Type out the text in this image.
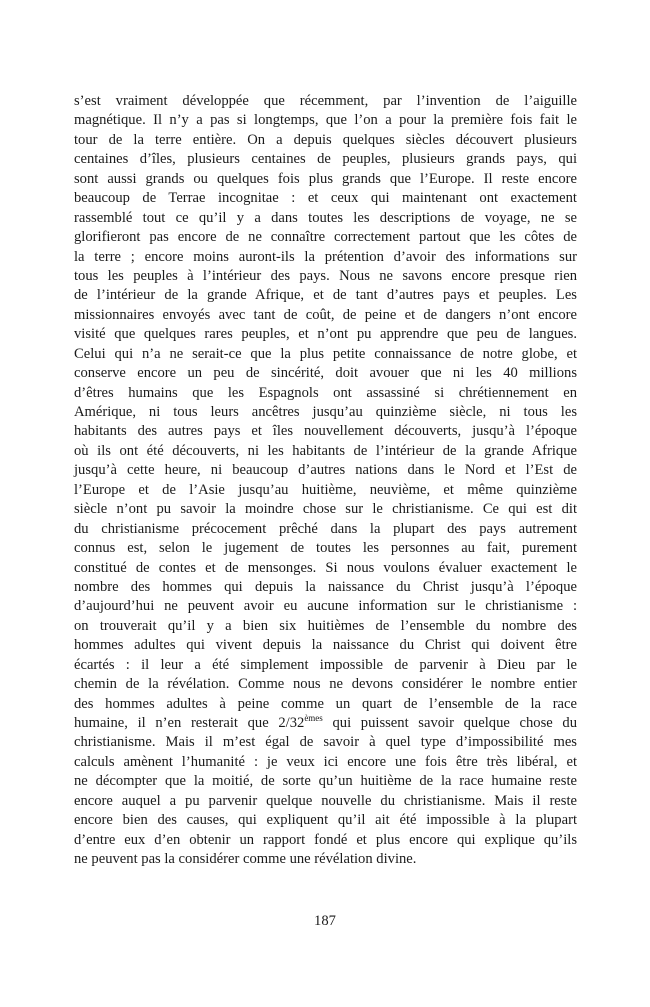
s’est vraiment développée que récemment, par l’invention de l’aiguille
magnétique. Il n’y a pas si longtemps, que l’on a pour la première fois fait le
tour de la terre entière. On a depuis quelques siècles découvert plusieurs
centaines d’îles, plusieurs centaines de peuples, plusieurs grands pays, qui
sont aussi grands ou quelques fois plus grands que l’Europe. Il reste encore
beaucoup de Terrae incognitae : et ceux qui maintenant ont exactement
rassemblé tout ce qu’il y a dans toutes les descriptions de voyage, ne se
glorifieront pas encore de ne connaître correctement partout que les côtes de
la terre ; encore moins auront-ils la prétention d’avoir des informations sur
tous les peuples à l’intérieur des pays. Nous ne savons encore presque rien
de l’intérieur de la grande Afrique, et de tant d’autres pays et peuples. Les
missionnaires envoyés avec tant de coût, de peine et de dangers n’ont encore
visité que quelques rares peuples, et n’ont pu apprendre que peu de langues.
Celui qui n’a ne serait-ce que la plus petite connaissance de notre globe, et
conserve encore un peu de sincérité, doit avouer que ni les 40 millions
d’êtres humains que les Espagnols ont assassiné si chrétiennement en
Amérique, ni tous leurs ancêtres jusqu’au quinzième siècle, ni tous les
habitants des autres pays et îles nouvellement découverts, jusqu’à l’époque
où ils ont été découverts, ni les habitants de l’intérieur de la grande Afrique
jusqu’à cette heure, ni beaucoup d’autres nations dans le Nord et l’Est de
l’Europe et de l’Asie jusqu’au huitième, neuvième, et même quinzième
siècle n’ont pu savoir la moindre chose sur le christianisme. Ce qui est dit
du christianisme précocement prêché dans la plupart des pays autrement
connus est, selon le jugement de toutes les personnes au fait, purement
constitué de contes et de mensonges. Si nous voulons évaluer exactement le
nombre des hommes qui depuis la naissance du Christ jusqu’à l’époque
d’aujourd’hui ne peuvent avoir eu aucune information sur le christianisme :
on trouverait qu’il y a bien six huitièmes de l’ensemble du nombre des
hommes adultes qui vivent depuis la naissance du Christ qui doivent être
écartés : il leur a été simplement impossible de parvenir à Dieu par le
chemin de la révélation. Comme nous ne devons considérer le nombre entier
des hommes adultes à peine comme un quart de l’ensemble de la race
humaine, il n’en resterait que 2/32èmes qui puissent savoir quelque chose du
christianisme. Mais il m’est égal de savoir à quel type d’impossibilité mes
calculs amènent l’humanité : je veux ici encore une fois être très libéral, et
ne décompter que la moitié, de sorte qu’un huitième de la race humaine reste
encore auquel a pu parvenir quelque nouvelle du christianisme. Mais il reste
encore bien des causes, qui expliquent qu’il ait été impossible à la plupart
d’entre eux d’en obtenir un rapport fondé et plus encore qui explique qu’ils
ne peuvent pas la considérer comme une révélation divine.
187
